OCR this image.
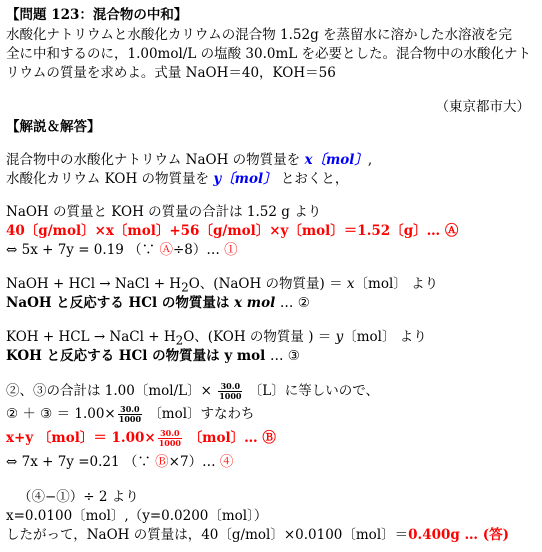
【問題 123：混合物の中和】
水酸化ナトリウムと水酸化カリウムの混合物 1.52g を蒸留水に溶かした水溶液を完
全に中和するのに，1.00mol/L の塩酸 30.0mL を必要とした。混合物中の水酸化ナト
リウムの質量を求めよ。式量 NaOH＝40，KOH＝56
（東京都市大）
【解説＆解答】
混合物中の水酸化ナトリウム NaOH の物質量を x〔mol〕,
水酸化カリウム KOH の物質量を y〔mol〕 とおくと，
NaOH の質量と KOH の質量の合計は 1.52 g より
40〔g/mol〕×x〔mol〕+56〔g/mol〕×y〔mol〕＝1.52〔g〕… Ⓐ
⇔ 5x + 7y = 0.19 （∵ Ⓐ÷8）… ①
NaOH + HCl → NaCl + $H_2O$、(NaOH の物質量) ＝ x〔mol〕 より
NaOH と反応する HCl の物質量は x mol … ②
KOH + HCL → NaCl + $H_2O$、(KOH の物質量 ) ＝ y〔mol〕 より
KOH と反応する HCl の物質量は y mol … ③
②、③の合計は 1.00〔mol/L〕× $\frac{30.0}{1000}$ 〔L〕に等しいので、
② ＋ ③ ＝ $1.00\times \frac{30.0}{1000}$ 〔mol〕すなわち
x+y 〔mol〕＝ $1.00\times \frac{30.0}{1000}$ 〔mol〕… Ⓑ
⇔ 7x + 7y =0.21 （∵ Ⓑ×7）… ④
（④−①）÷ 2 より
x=0.0100〔mol〕,（y=0.0200〔mol〕）
したがって，NaOH の質量は，40〔g/mol〕×0.0100〔mol〕＝0.400g … (答)
